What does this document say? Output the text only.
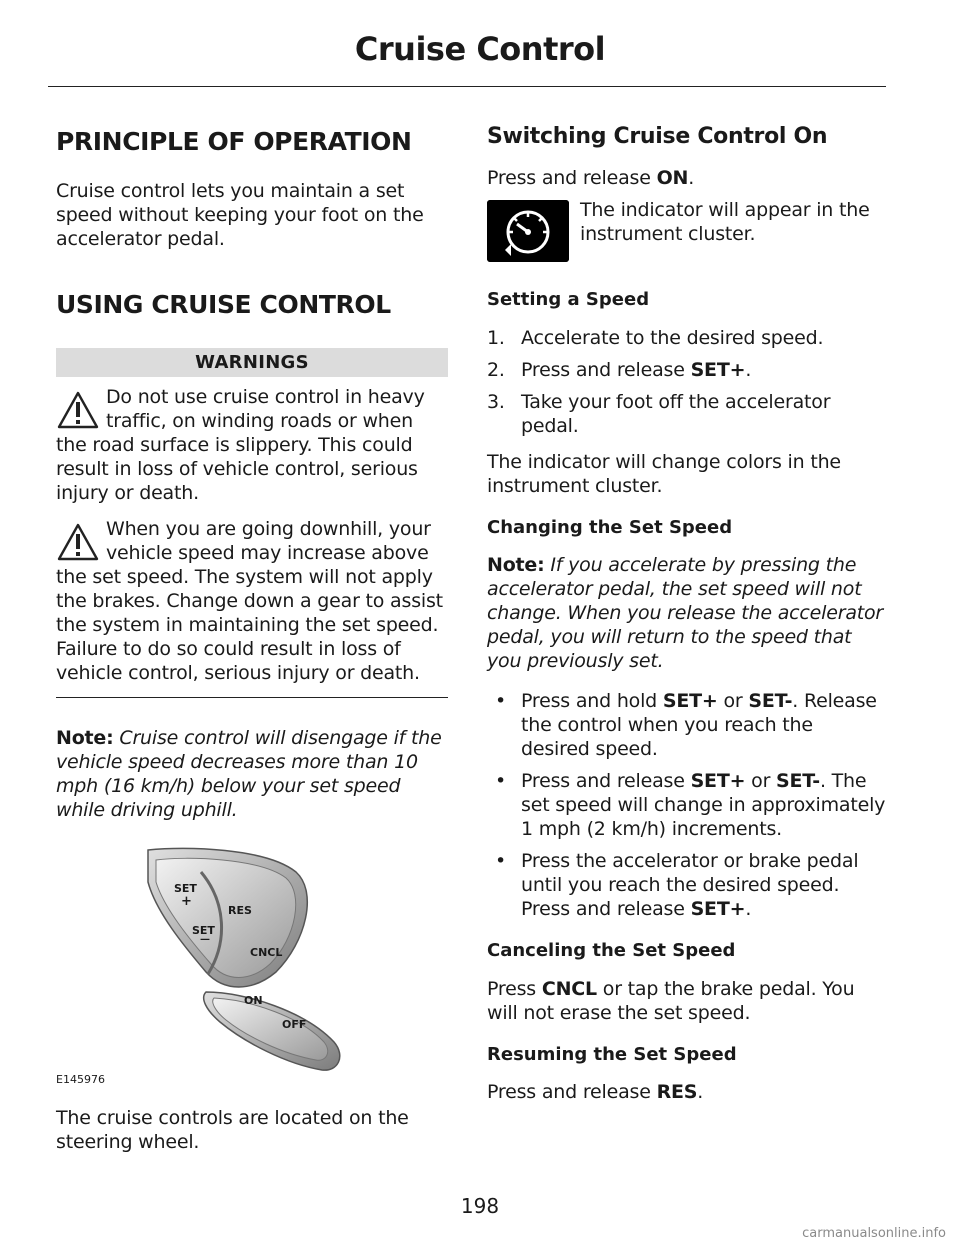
Cruise Control

PRINCIPLE OF OPERATION

Cruise control lets you maintain a set speed without keeping your foot on the accelerator pedal.

USING CRUISE CONTROL

WARNINGS
Do not use cruise control in heavy traffic, on winding roads or when the road surface is slippery. This could result in loss of vehicle control, serious injury or death.
When you are going downhill, your vehicle speed may increase above the set speed. The system will not apply the brakes. Change down a gear to assist the system in maintaining the set speed. Failure to do so could result in loss of vehicle control, serious injury or death.

Note: Cruise control will disengage if the vehicle speed decreases more than 10 mph (16 km/h) below your set speed while driving uphill.

SET
+
RES
SET
—
CNCL
ON
OFF
E145976

The cruise controls are located on the steering wheel.

Switching Cruise Control On

Press and release ON.

The indicator will appear in the instrument cluster.

Setting a Speed

1. Accelerate to the desired speed.
2. Press and release SET+.
3. Take your foot off the accelerator pedal.

The indicator will change colors in the instrument cluster.

Changing the Set Speed

Note: If you accelerate by pressing the accelerator pedal, the set speed will not change. When you release the accelerator pedal, you will return to the speed that you previously set.

• Press and hold SET+ or SET-. Release the control when you reach the desired speed.
• Press and release SET+ or SET-. The set speed will change in approximately 1 mph (2 km/h) increments.
• Press the accelerator or brake pedal until you reach the desired speed. Press and release SET+.

Canceling the Set Speed

Press CNCL or tap the brake pedal. You will not erase the set speed.

Resuming the Set Speed

Press and release RES.

198
carmanualsonline.info
